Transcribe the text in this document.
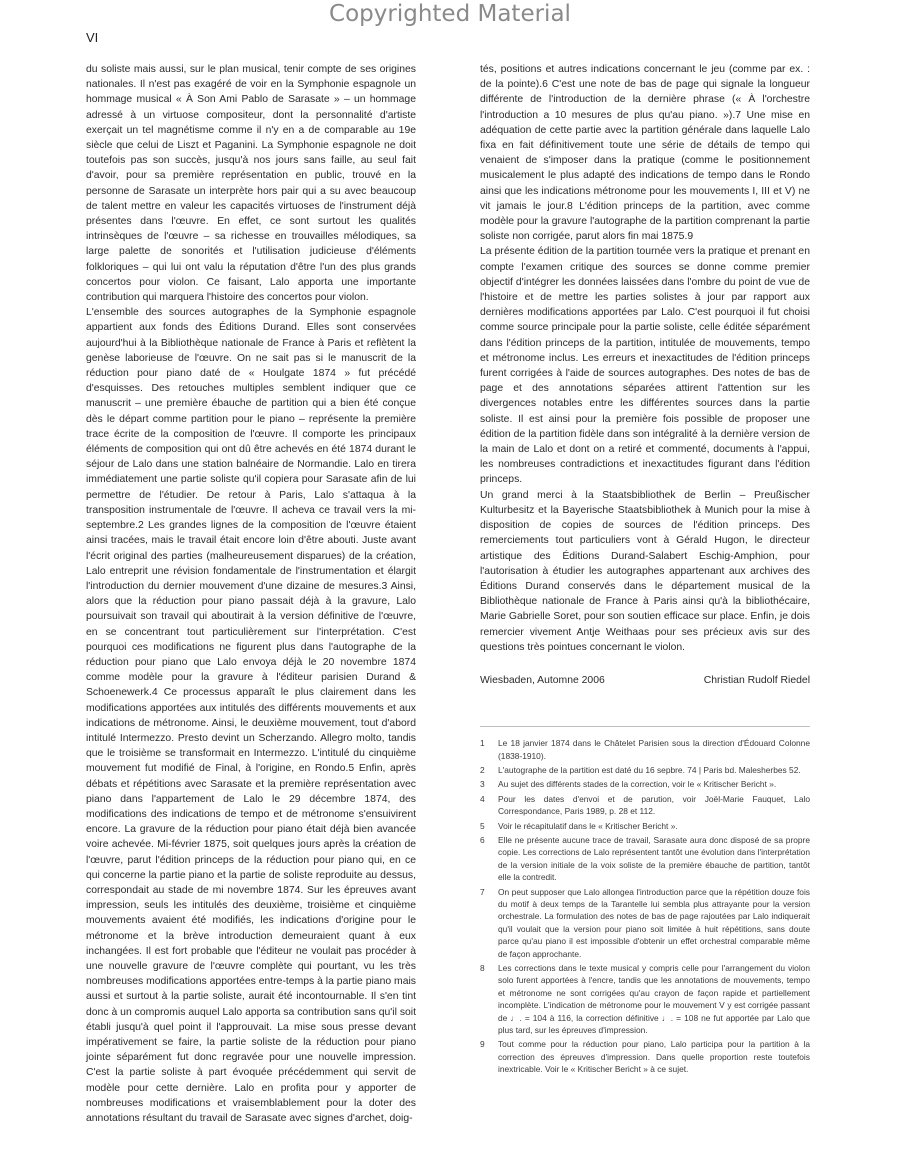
Copyrighted Material
VI

du soliste mais aussi, sur le plan musical, tenir compte de ses origines nationales. Il n'est pas exagéré de voir en la Symphonie espagnole un hommage musical « À Son Ami Pablo de Sarasate » – un hommage adressé à un virtuose compositeur, dont la personnalité d'artiste exerçait un tel magnétisme comme il n'y en a de comparable au 19e siècle que celui de Liszt et Paganini. La Symphonie espagnole ne doit toutefois pas son succès, jusqu'à nos jours sans faille, au seul fait d'avoir, pour sa première représentation en public, trouvé en la personne de Sarasate un interprète hors pair qui a su avec beaucoup de talent mettre en valeur les capacités virtuoses de l'instrument déjà présentes dans l'œuvre. En effet, ce sont surtout les qualités intrinsèques de l'œuvre – sa richesse en trouvailles mélodiques, sa large palette de sonorités et l'utilisation judicieuse d'éléments folkloriques – qui lui ont valu la réputation d'être l'un des plus grands concertos pour violon. Ce faisant, Lalo apporta une importante contribution qui marquera l'histoire des concertos pour violon.

L'ensemble des sources autographes de la Symphonie espagnole appartient aux fonds des Éditions Durand. Elles sont conservées aujourd'hui à la Bibliothèque nationale de France à Paris et reflètent la genèse laborieuse de l'œuvre. On ne sait pas si le manuscrit de la réduction pour piano daté de « Houlgate 1874 » fut précédé d'esquisses. Des retouches multiples semblent indiquer que ce manuscrit – une première ébauche de partition qui a bien été conçue dès le départ comme partition pour le piano – représente la première trace écrite de la composition de l'œuvre. Il comporte les principaux éléments de composition qui ont dû être achevés en été 1874 durant le séjour de Lalo dans une station balnéaire de Normandie. Lalo en tirera immédiatement une partie soliste qu'il copiera pour Sarasate afin de lui permettre de l'étudier. De retour à Paris, Lalo s'attaqua à la transposition instrumentale de l'œuvre. Il acheva ce travail vers la mi-septembre.2 Les grandes lignes de la composition de l'œuvre étaient ainsi tracées, mais le travail était encore loin d'être abouti. Juste avant l'écrit original des parties (malheureusement disparues) de la création, Lalo entreprit une révision fondamentale de l'instrumentation et élargit l'introduction du dernier mouvement d'une dizaine de mesures.3 Ainsi, alors que la réduction pour piano passait déjà à la gravure, Lalo poursuivait son travail qui aboutirait à la version définitive de l'œuvre, en se concentrant tout particulièrement sur l'interprétation. C'est pourquoi ces modifications ne figurent plus dans l'autographe de la réduction pour piano que Lalo envoya déjà le 20 novembre 1874 comme modèle pour la gravure à l'éditeur parisien Durand & Schoenewerk.4 Ce processus apparaît le plus clairement dans les modifications apportées aux intitulés des différents mouvements et aux indications de métronome. Ainsi, le deuxième mouvement, tout d'abord intitulé Intermezzo. Presto devint un Scherzando. Allegro molto, tandis que le troisième se transformait en Intermezzo. L'intitulé du cinquième mouvement fut modifié de Final, à l'origine, en Rondo.5 Enfin, après débats et répétitions avec Sarasate et la première représentation avec piano dans l'appartement de Lalo le 29 décembre 1874, des modifications des indications de tempo et de métronome s'ensuivirent encore. La gravure de la réduction pour piano était déjà bien avancée voire achevée. Mi-février 1875, soit quelques jours après la création de l'œuvre, parut l'édition princeps de la réduction pour piano qui, en ce qui concerne la partie piano et la partie de soliste reproduite au dessus, correspondait au stade de mi novembre 1874. Sur les épreuves avant impression, seuls les intitulés des deuxième, troisième et cinquième mouvements avaient été modifiés, les indications d'origine pour le métronome et la brève introduction demeuraient quant à eux inchangées. Il est fort probable que l'éditeur ne voulait pas procéder à une nouvelle gravure de l'œuvre complète qui pourtant, vu les très nombreuses modifications apportées entre-temps à la partie piano mais aussi et surtout à la partie soliste, aurait été incontournable. Il s'en tint donc à un compromis auquel Lalo apporta sa contribution sans qu'il soit établi jusqu'à quel point il l'approuvait. La mise sous presse devant impérativement se faire, la partie soliste de la réduction pour piano jointe séparément fut donc regravée pour une nouvelle impression. C'est la partie soliste à part évoquée précédemment qui servit de modèle pour cette dernière. Lalo en profita pour y apporter de nombreuses modifications et vraisemblablement pour la doter des annotations résultant du travail de Sarasate avec signes d'archet, doig-

tés, positions et autres indications concernant le jeu (comme par ex. : de la pointe).6 C'est une note de bas de page qui signale la longueur différente de l'introduction de la dernière phrase (« À l'orchestre l'introduction a 10 mesures de plus qu'au piano. »).7 Une mise en adéquation de cette partie avec la partition générale dans laquelle Lalo fixa en fait définitivement toute une série de détails de tempo qui venaient de s'imposer dans la pratique (comme le positionnement musicalement le plus adapté des indications de tempo dans le Rondo ainsi que les indications métronome pour les mouvements I, III et V) ne vit jamais le jour.8 L'édition princeps de la partition, avec comme modèle pour la gravure l'autographe de la partition comprenant la partie soliste non corrigée, parut alors fin mai 1875.9

La présente édition de la partition tournée vers la pratique et prenant en compte l'examen critique des sources se donne comme premier objectif d'intégrer les données laissées dans l'ombre du point de vue de l'histoire et de mettre les parties solistes à jour par rapport aux dernières modifications apportées par Lalo. C'est pourquoi il fut choisi comme source principale pour la partie soliste, celle éditée séparément dans l'édition princeps de la partition, intitulée de mouvements, tempo et métronome inclus. Les erreurs et inexactitudes de l'édition princeps furent corrigées à l'aide de sources autographes. Des notes de bas de page et des annotations séparées attirent l'attention sur les divergences notables entre les différentes sources dans la partie soliste. Il est ainsi pour la première fois possible de proposer une édition de la partition fidèle dans son intégralité à la dernière version de la main de Lalo et dont on a retiré et commenté, documents à l'appui, les nombreuses contradictions et inexactitudes figurant dans l'édition princeps.

Un grand merci à la Staatsbibliothek de Berlin – Preußischer Kulturbesitz et la Bayerische Staatsbibliothek à Munich pour la mise à disposition de copies de sources de l'édition princeps. Des remerciements tout particuliers vont à Gérald Hugon, le directeur artistique des Éditions Durand-Salabert Eschig-Amphion, pour l'autorisation à étudier les autographes appartenant aux archives des Éditions Durand conservés dans le département musical de la Bibliothèque nationale de France à Paris ainsi qu'à la bibliothécaire, Marie Gabrielle Soret, pour son soutien efficace sur place. Enfin, je dois remercier vivement Antje Weithaas pour ses précieux avis sur des questions très pointues concernant le violon.

Wiesbaden, Automne 2006	Christian Rudolf Riedel
1	Le 18 janvier 1874 dans le Châtelet Parisien sous la direction d'Édouard Colonne (1838-1910).
2	L'autographe de la partition est daté du 16 sepbre. 74 | Paris bd. Malesherbes 52.
3	Au sujet des différents stades de la correction, voir le « Kritischer Bericht ».
4	Pour les dates d'envoi et de parution, voir Joël-Marie Fauquet, Lalo Correspondance, Paris 1989, p. 28 et 112.
5	Voir le récapitulatif dans le « Kritischer Bericht ».
6	Elle ne présente aucune trace de travail, Sarasate aura donc disposé de sa propre copie. Les corrections de Lalo représentent tantôt une évolution dans l'interprétation de la version initiale de la voix soliste de la première ébauche de partition, tantôt elle la contredit.
7	On peut supposer que Lalo allongea l'introduction parce que la répétition douze fois du motif à deux temps de la Tarantelle lui sembla plus attrayante pour la version orchestrale. La formulation des notes de bas de page rajoutées par Lalo indiquerait qu'il voulait que la version pour piano soit limitée à huit répétitions, sans doute parce qu'au piano il est impossible d'obtenir un effet orchestral comparable même de façon approchante.
8	Les corrections dans le texte musical y compris celle pour l'arrangement du violon solo furent apportées à l'encre, tandis que les annotations de mouvements, tempo et métronome ne sont corrigées qu'au crayon de façon rapide et partiellement incomplète. L'indication de métronome pour le mouvement V y est corrigée passant de ♩. = 104 à 116, la correction définitive ♩. = 108 ne fut apportée par Lalo que plus tard, sur les épreuves d'impression.
9	Tout comme pour la réduction pour piano, Lalo participa pour la partition à la correction des épreuves d'impression. Dans quelle proportion reste toutefois inextricable. Voir le « Kritischer Bericht » à ce sujet.
